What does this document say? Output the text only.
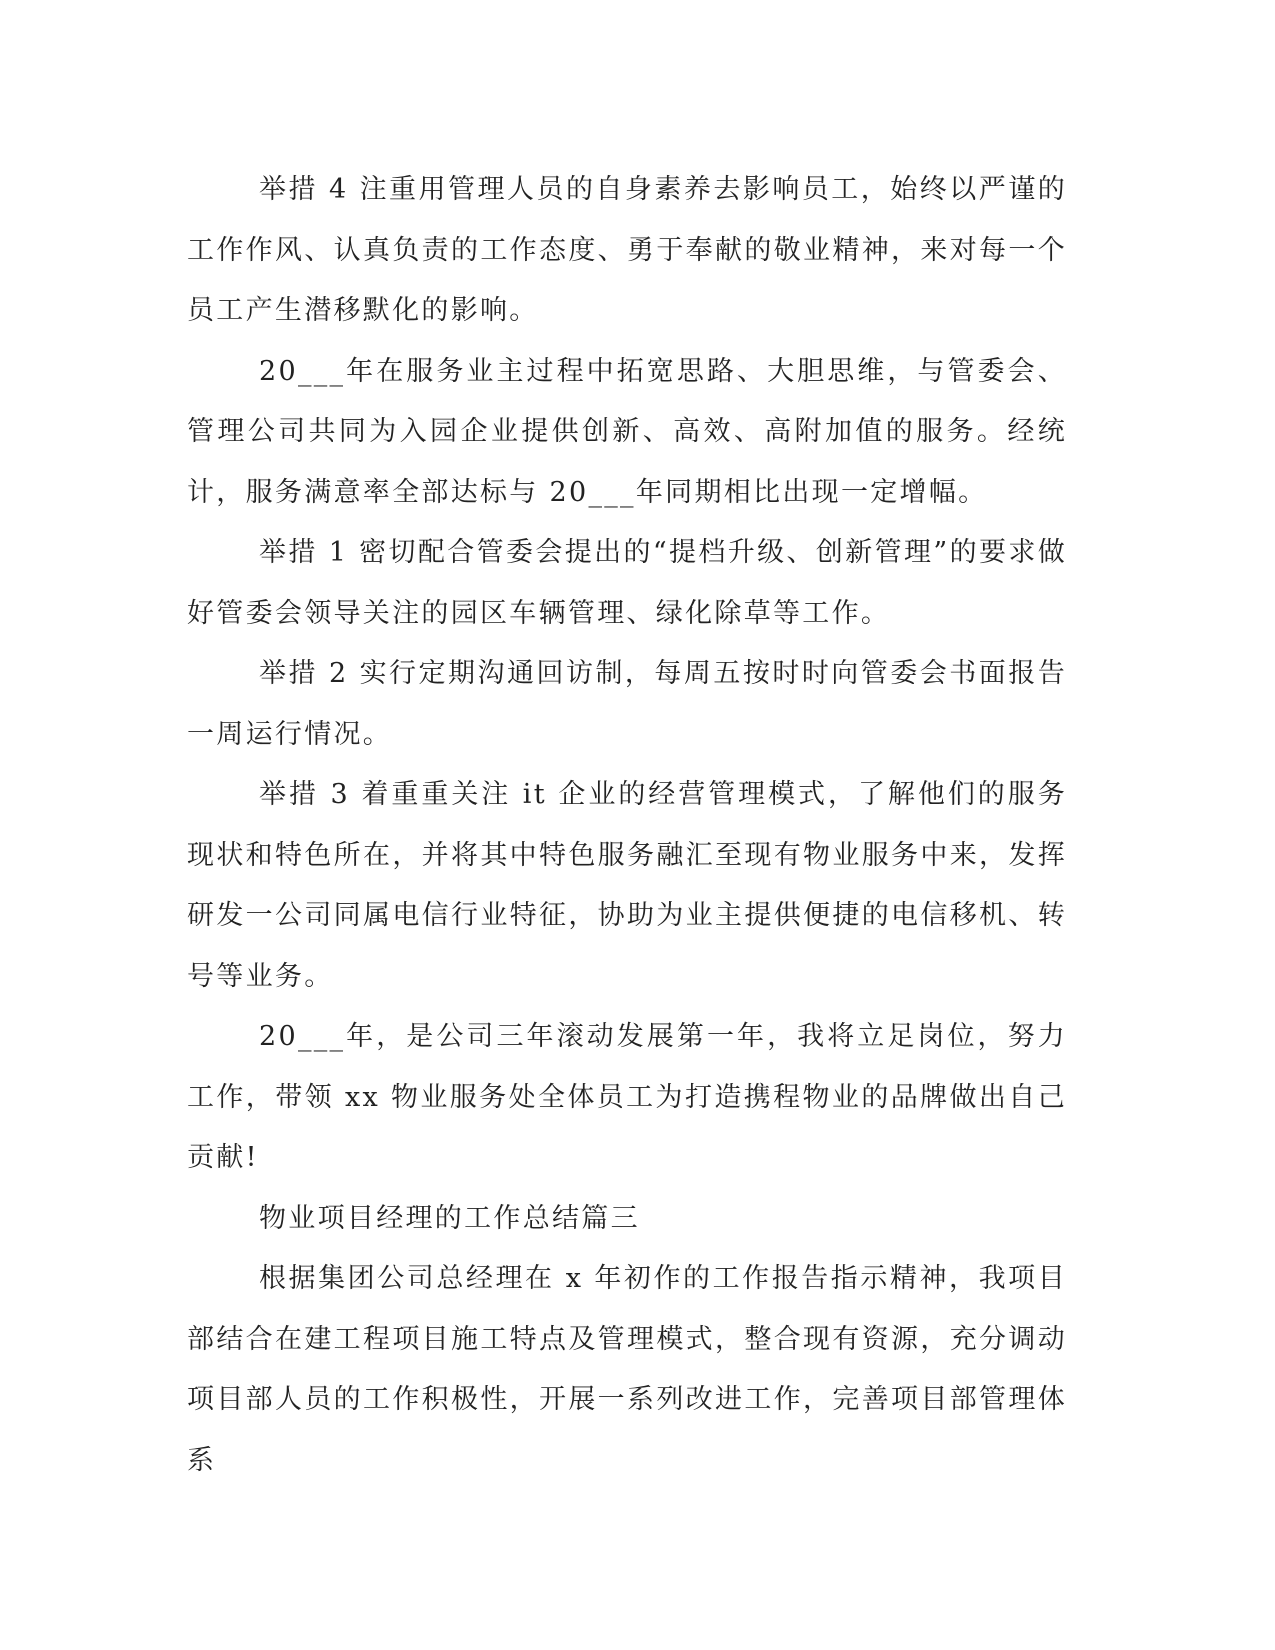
举措 4 注重用管理人员的自身素养去影响员工，始终以严谨的工作作风、认真负责的工作态度、勇于奉献的敬业精神，来对每一个员工产生潜移默化的影响。

20___年在服务业主过程中拓宽思路、大胆思维，与管委会、管理公司共同为入园企业提供创新、高效、高附加值的服务。经统计，服务满意率全部达标与 20___年同期相比出现一定增幅。

举措 1 密切配合管委会提出的“提档升级、创新管理”的要求做好管委会领导关注的园区车辆管理、绿化除草等工作。

举措 2 实行定期沟通回访制，每周五按时时向管委会书面报告一周运行情况。

举措 3 着重重关注 it 企业的经营管理模式，了解他们的服务现状和特色所在，并将其中特色服务融汇至现有物业服务中来，发挥研发一公司同属电信行业特征，协助为业主提供便捷的电信移机、转号等业务。

20___年，是公司三年滚动发展第一年，我将立足岗位，努力工作，带领 xx 物业服务处全体员工为打造携程物业的品牌做出自己贡献!

物业项目经理的工作总结篇三

根据集团公司总经理在 x 年初作的工作报告指示精神，我项目部结合在建工程项目施工特点及管理模式，整合现有资源，充分调动项目部人员的工作积极性，开展一系列改进工作，完善项目部管理体系
